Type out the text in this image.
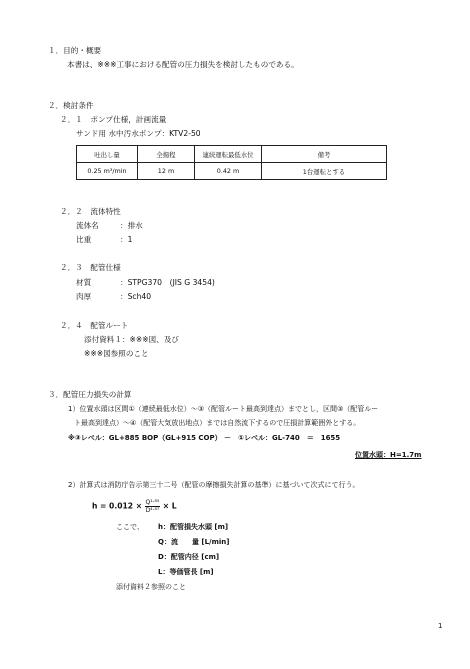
１．目的・概要
本書は、※※※工事における配管の圧力損失を検討したものである。
２．検討条件
２．１　ポンプ仕様，計画流量
サンド用 水中汚水ポンプ：KTV2-50
吐出し量	全揚程	連続運転最低水位	備考
0.25 m³/min	12 m	0.42 m	1台運転とする
２．２　流体特性
流体名	：排水
比重	：1
２．３　配管仕様
材質	：STPG370　(JIS G 3454)
肉厚	：Sch40
２．４　配管ルート
添付資料１：※※※図、及び
※※※図参照のこと
３．配管圧力損失の計算
1）位置水頭は区間①（連続最低水位）～③（配管ルート最高到達点）までとし，区間③（配管ルー
ト最高到達点）～④（配管大気放出地点）までは自然流下するので圧損計算範囲外とする。
※③レベル：GL+885 BOP（GL+915 COP） －　①レベル：GL-740　＝　1655
位置水頭：H=1.7m
2）計算式は消防庁告示第三十二号（配管の摩擦損失計算の基準）に基づいて次式にて行う。
$h = 0.012 \times \frac{\text{Q¹·⁸⁵}}{\text{D⁴·⁸⁷}} \times L$
ここで、 h：配管損失水頭 [m]
Q：流　　量 [L/min]
D：配管内径 [cm]
L：等価管長 [m]
添付資料２参照のこと
1
